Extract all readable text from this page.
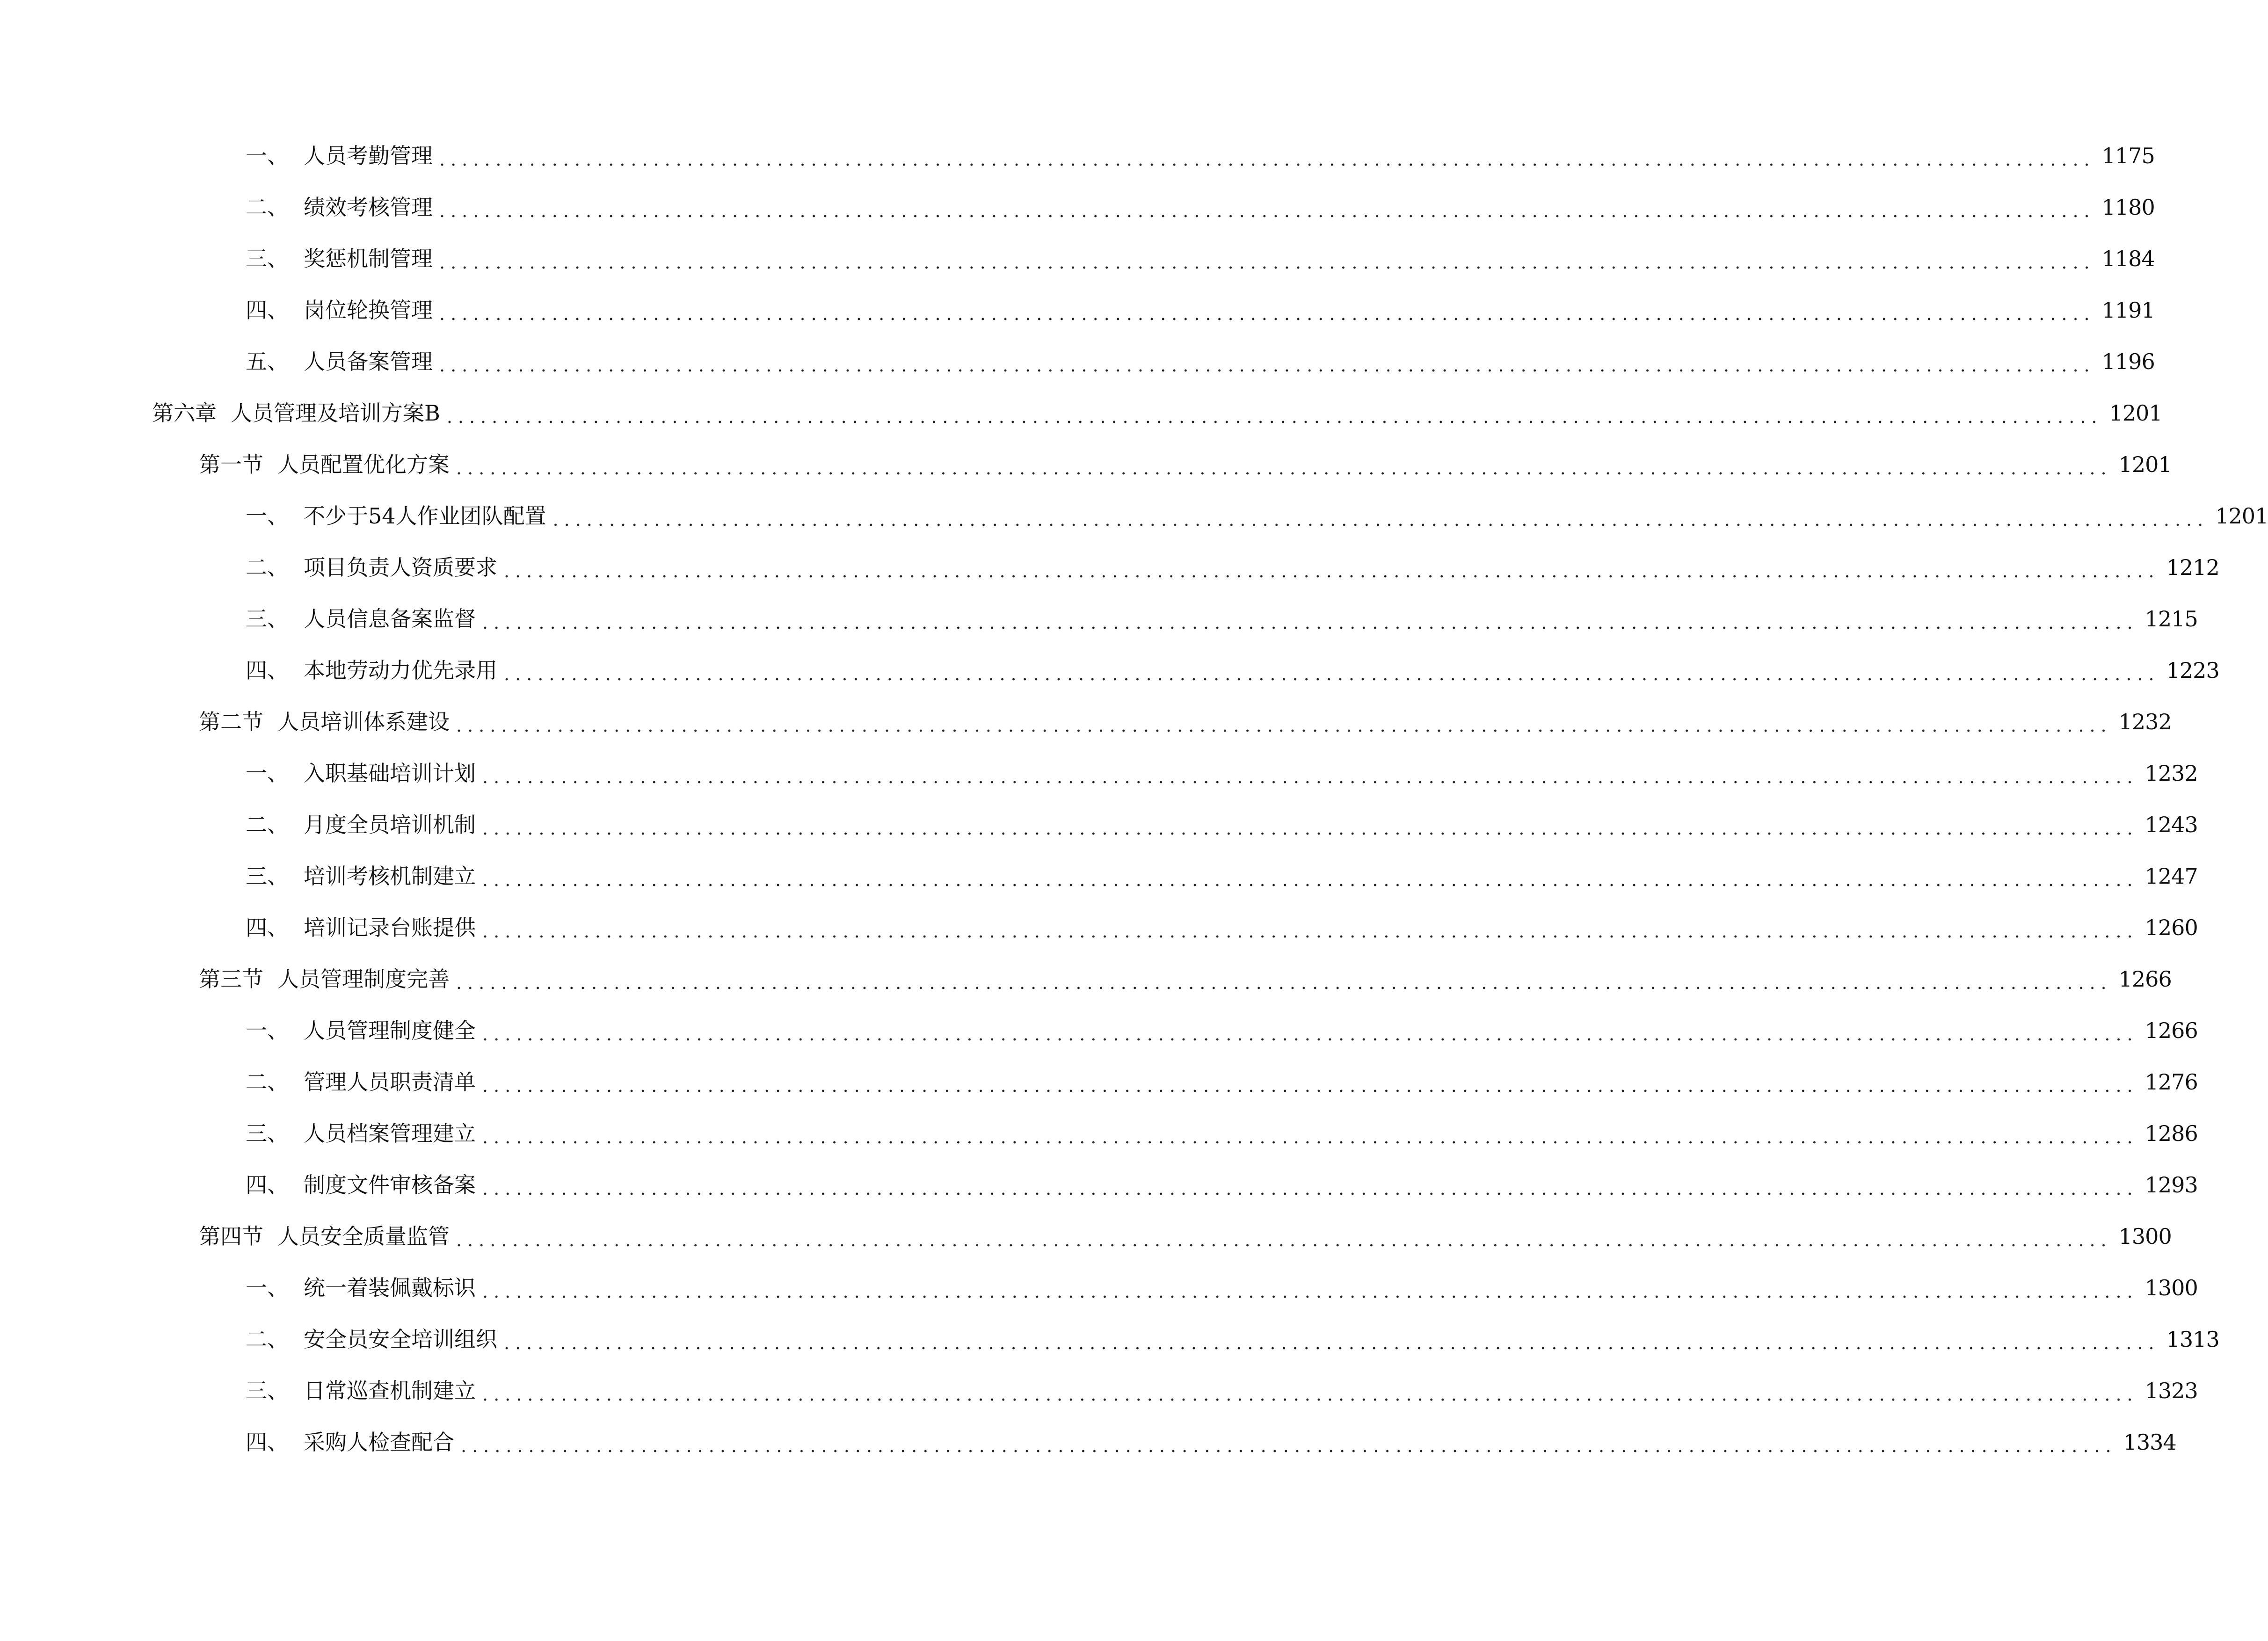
一、 人员考勤管理 ................................................................................................................................................... 1175
二、 绩效考核管理 ................................................................................................................................................... 1180
三、 奖惩机制管理 ................................................................................................................................................... 1184
四、 岗位轮换管理 ................................................................................................................................................... 1191
五、 人员备案管理 ................................................................................................................................................... 1196
第六章 人员管理及培训方案B ................................................................................................................................................... 1201
第一节 人员配置优化方案 ................................................................................................................................................... 1201
一、 不少于54人作业团队配置 ................................................................................................................................................... 1201
二、 项目负责人资质要求 ................................................................................................................................................... 1212
三、 人员信息备案监督 ................................................................................................................................................... 1215
四、 本地劳动力优先录用 ................................................................................................................................................... 1223
第二节 人员培训体系建设 ................................................................................................................................................... 1232
一、 入职基础培训计划 ................................................................................................................................................... 1232
二、 月度全员培训机制 ................................................................................................................................................... 1243
三、 培训考核机制建立 ................................................................................................................................................... 1247
四、 培训记录台账提供 ................................................................................................................................................... 1260
第三节 人员管理制度完善 ................................................................................................................................................... 1266
一、 人员管理制度健全 ................................................................................................................................................... 1266
二、 管理人员职责清单 ................................................................................................................................................... 1276
三、 人员档案管理建立 ................................................................................................................................................... 1286
四、 制度文件审核备案 ................................................................................................................................................... 1293
第四节 人员安全质量监管 ................................................................................................................................................... 1300
一、 统一着装佩戴标识 ................................................................................................................................................... 1300
二、 安全员安全培训组织 ................................................................................................................................................... 1313
三、 日常巡查机制建立 ................................................................................................................................................... 1323
四、 采购人检查配合 ................................................................................................................................................... 1334
